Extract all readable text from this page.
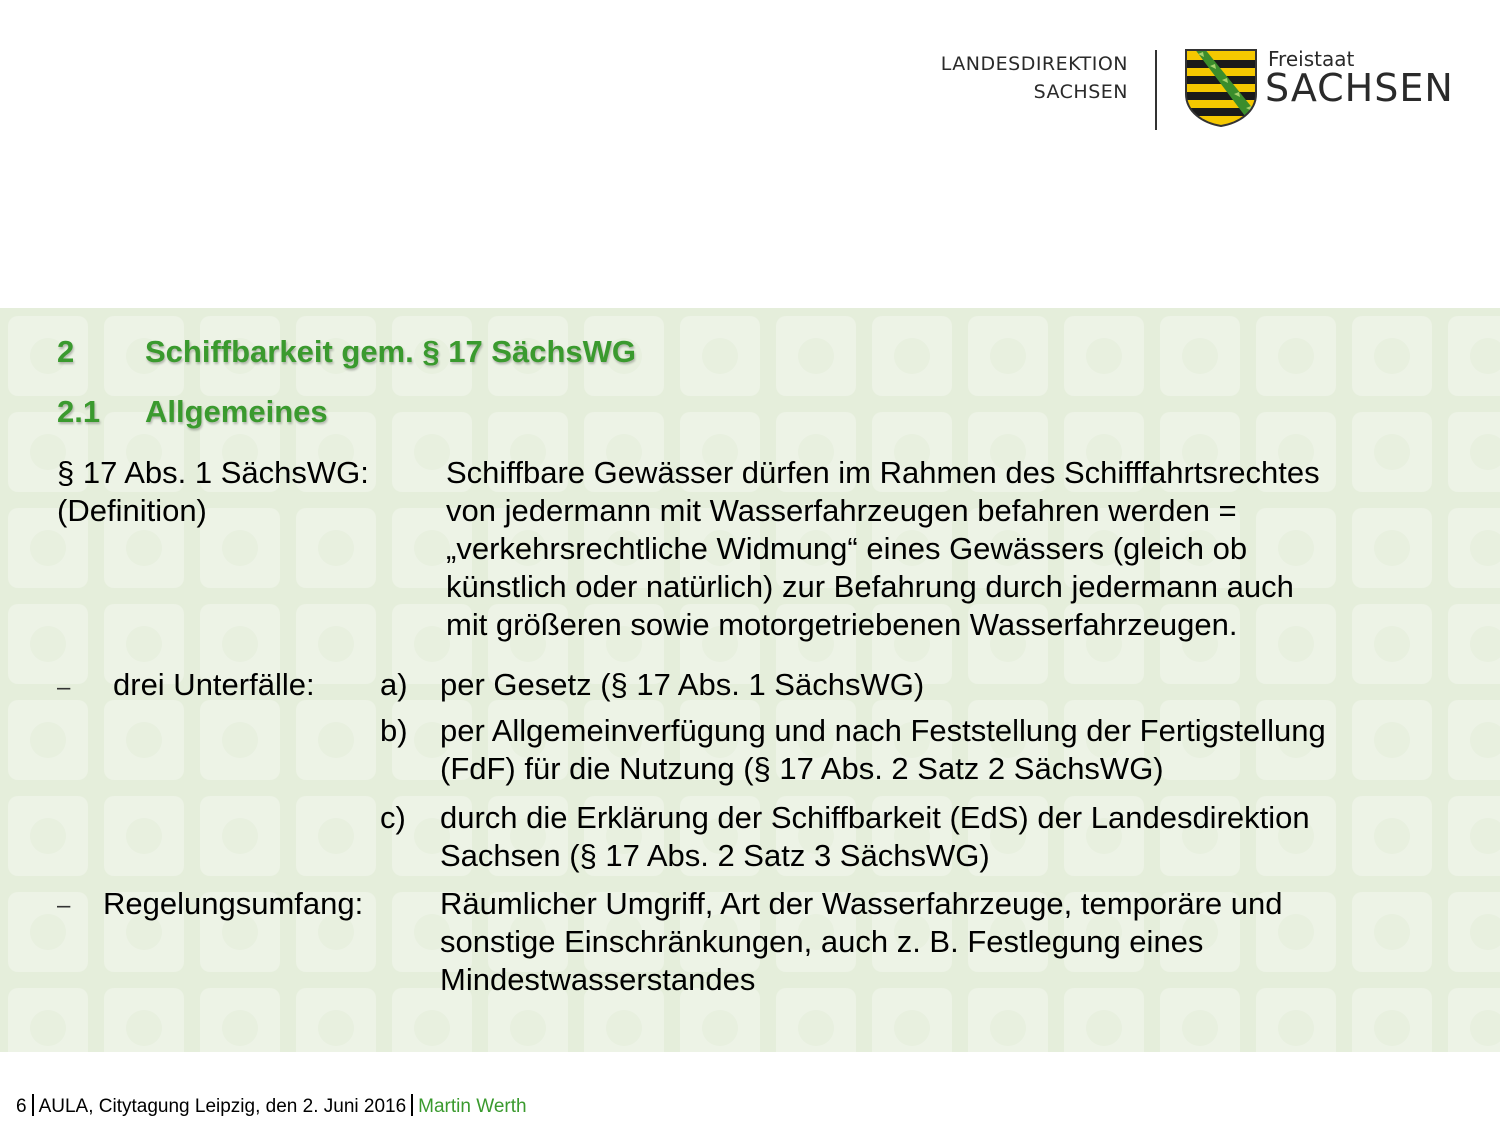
LANDESDIREKTION
SACHSEN
Freistaat
SACHSEN
2 Schiffbarkeit gem. § 17 SächsWG
2.1 Allgemeines
§ 17 Abs. 1 SächsWG:
(Definition)
Schiffbare Gewässer dürfen im Rahmen des Schifffahrtsrechtes
von jedermann mit Wasserfahrzeugen befahren werden =
„verkehrsrechtliche Widmung“ eines Gewässers (gleich ob
künstlich oder natürlich) zur Befahrung durch jedermann auch
mit größeren sowie motorgetriebenen Wasserfahrzeugen.
– drei Unterfälle: a) per Gesetz (§ 17 Abs. 1 SächsWG)
b) per Allgemeinverfügung und nach Feststellung der Fertigstellung
(FdF) für die Nutzung (§ 17 Abs. 2 Satz 2 SächsWG)
c) durch die Erklärung der Schiffbarkeit (EdS) der Landesdirektion
Sachsen (§ 17 Abs. 2 Satz 3 SächsWG)
– Regelungsumfang: Räumlicher Umgriff, Art der Wasserfahrzeuge, temporäre und
sonstige Einschränkungen, auch z. B. Festlegung eines
Mindestwasserstandes
6 AULA, Citytagung Leipzig, den 2. Juni 2016 Martin Werth
